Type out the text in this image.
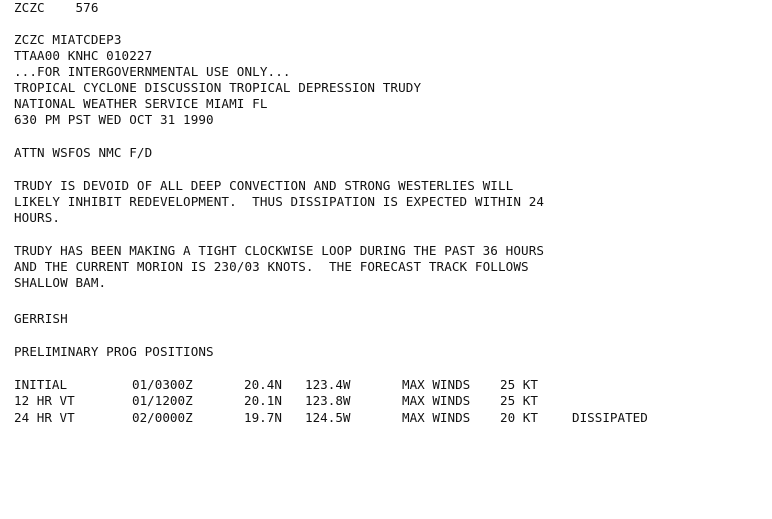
ZCZC    576

ZCZC MIATCDEP3

TTAA00 KNHC 010227

...FOR INTERGOVERNMENTAL USE ONLY...

TROPICAL CYCLONE DISCUSSION TROPICAL DEPRESSION TRUDY

NATIONAL WEATHER SERVICE MIAMI FL

630 PM PST WED OCT 31 1990

ATTN WSFOS NMC F/D

TRUDY IS DEVOID OF ALL DEEP CONVECTION AND STRONG WESTERLIES WILL

LIKELY INHIBIT REDEVELOPMENT.  THUS DISSIPATION IS EXPECTED WITHIN 24

HOURS.

TRUDY HAS BEEN MAKING A TIGHT CLOCKWISE LOOP DURING THE PAST 36 HOURS

AND THE CURRENT MORION IS 230/03 KNOTS.  THE FORECAST TRACK FOLLOWS

SHALLOW BAM.

GERRISH

PRELIMINARY PROG POSITIONS

INITIAL	01/0300Z	20.4N 123.4W	MAX WINDS 25 KT
12 HR VT	01/1200Z	20.1N 123.8W	MAX WINDS 25 KT
24 HR VT	02/0000Z	19.7N 124.5W	MAX WINDS 20 KT	DISSIPATED
